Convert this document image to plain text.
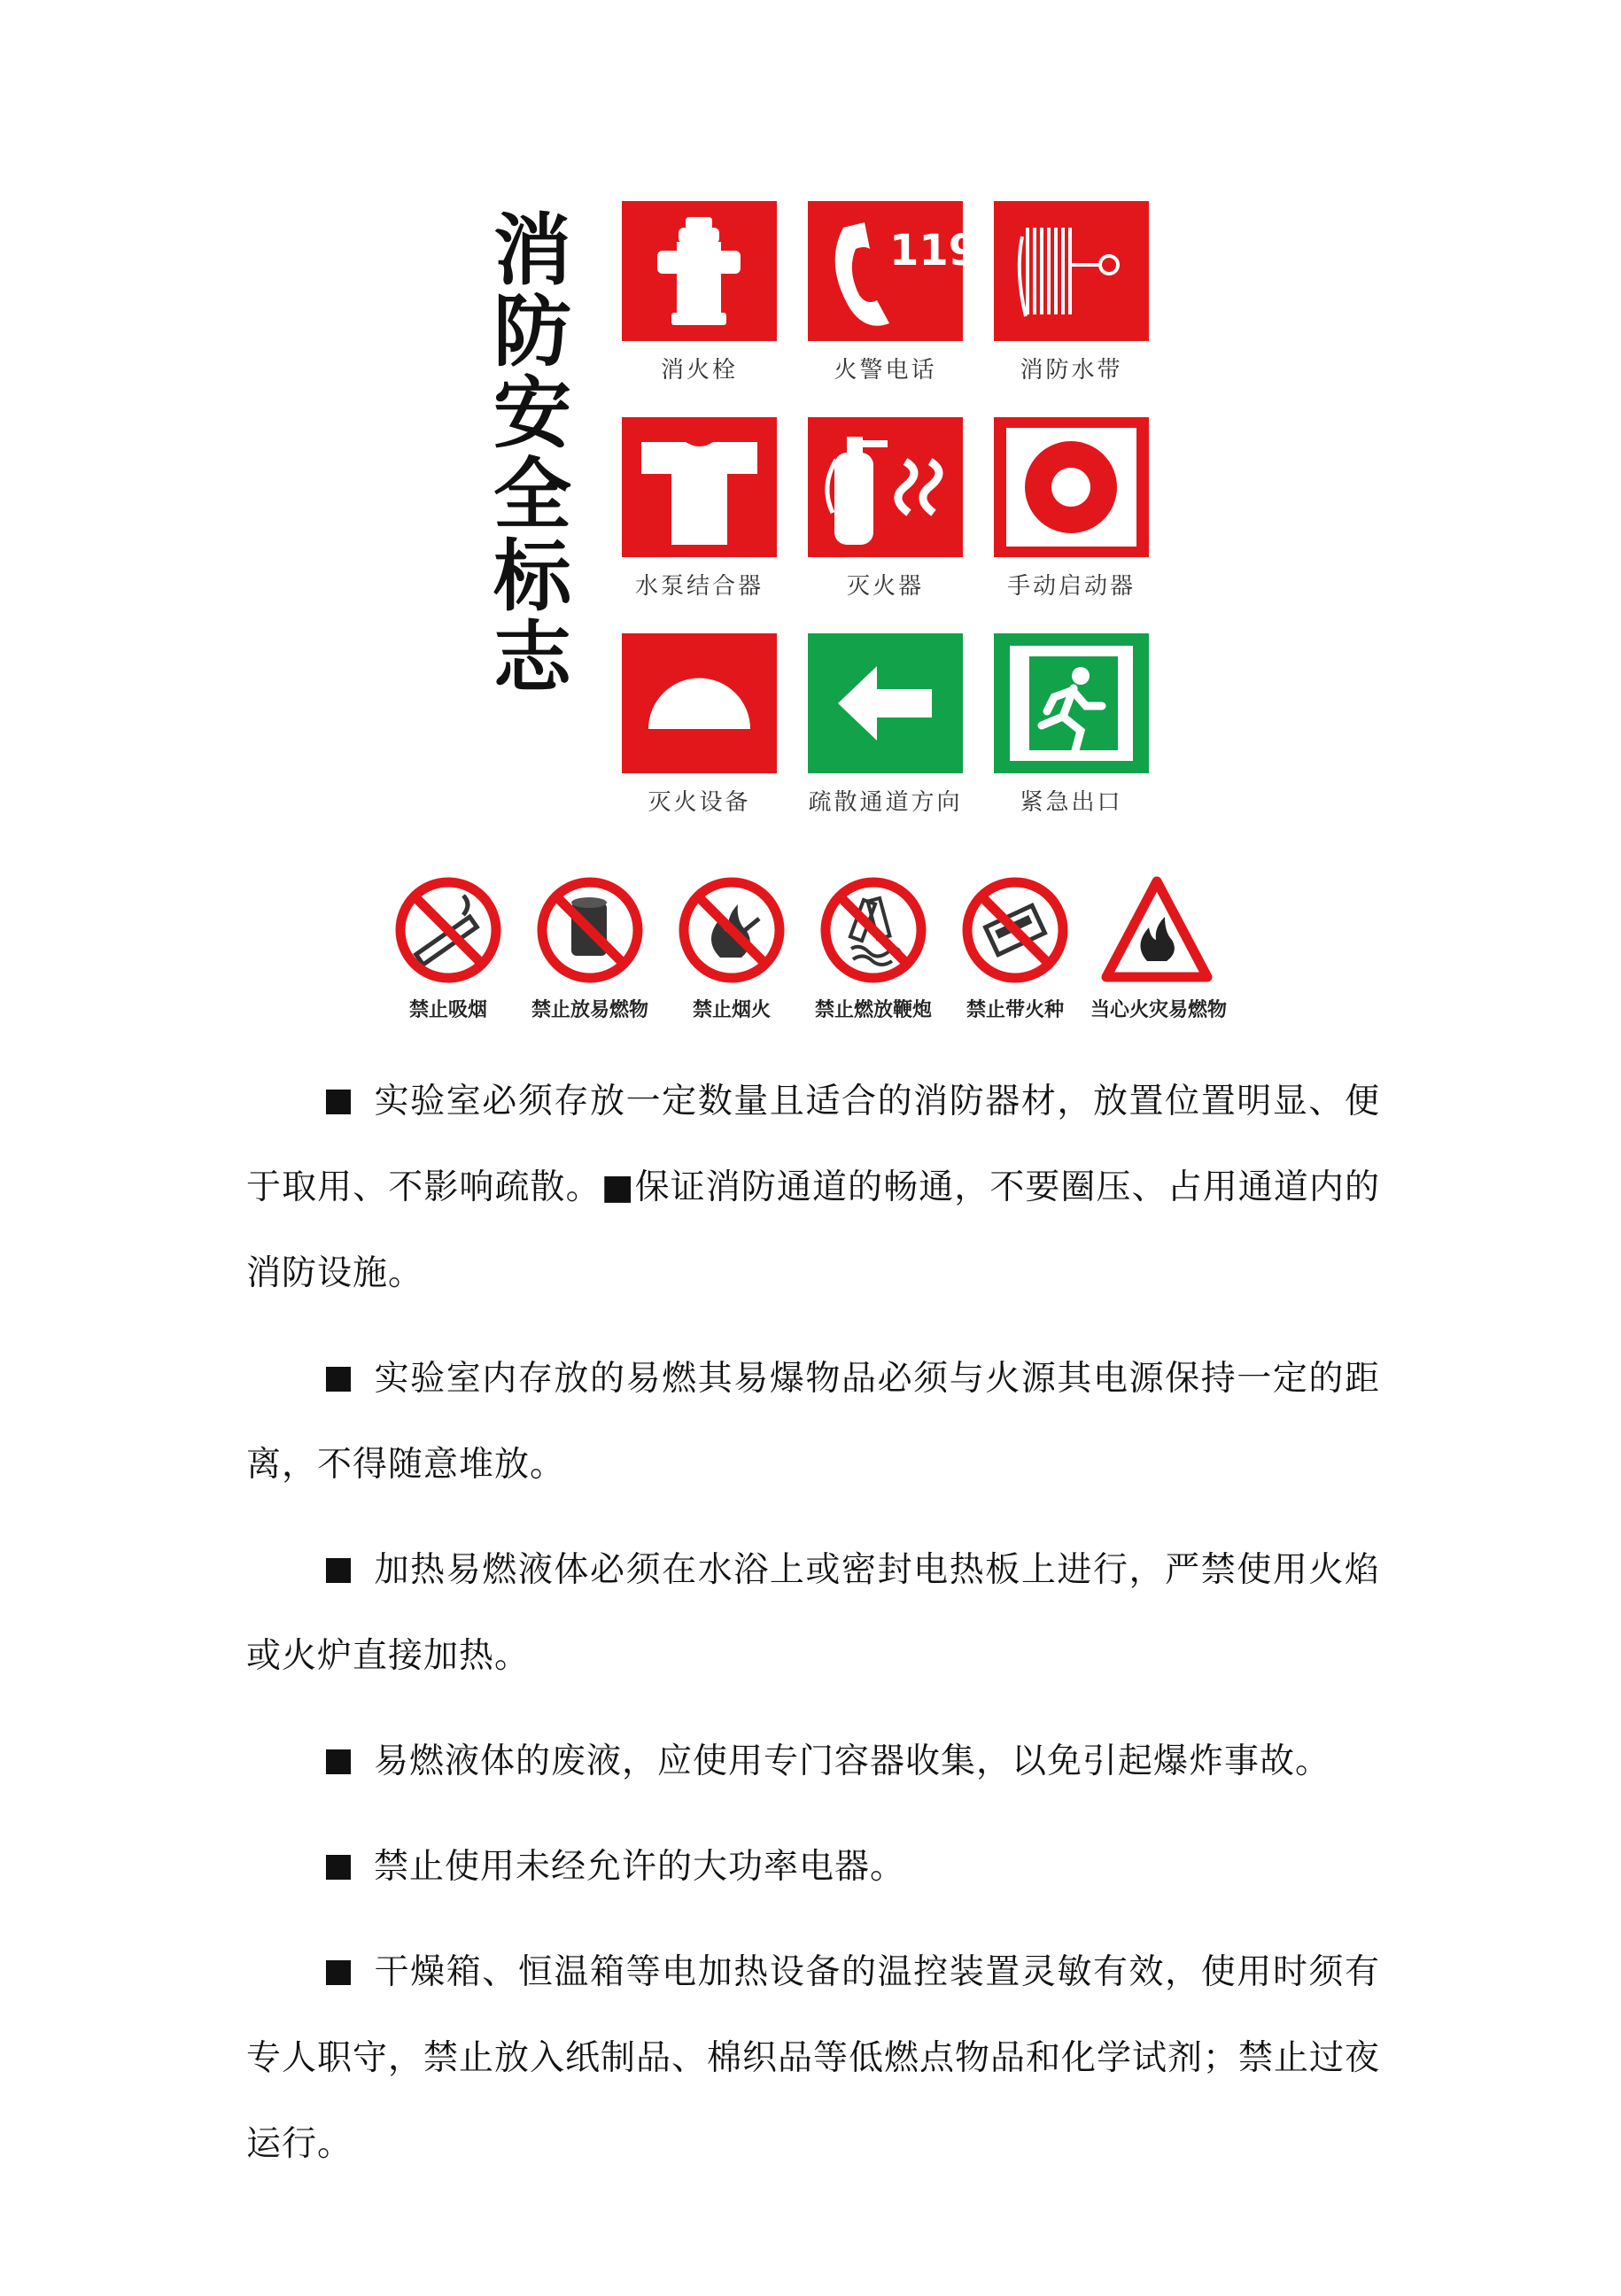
消
防
安
全
标
志
消火栓
119
火警电话	消防水带
水泵结合器	灭火器	手动启动器
灭火设备	疏散通道方向	紧急出口
禁止吸烟	禁止放易燃物	禁止烟火	禁止燃放鞭炮	禁止带火种	当心火灾易燃物

实验室必须存放一定数量且适合的消防器材，放置位置明显、便于取用、不影响疏散。■保证消防通道的畅通，不要圈压、占用通道内的消防设施。

实验室内存放的易燃其易爆物品必须与火源其电源保持一定的距离，不得随意堆放。

加热易燃液体必须在水浴上或密封电热板上进行，严禁使用火焰或火炉直接加热。

易燃液体的废液，应使用专门容器收集，以免引起爆炸事故。

禁止使用未经允许的大功率电器。

干燥箱、恒温箱等电加热设备的温控装置灵敏有效，使用时须有专人职守，禁止放入纸制品、棉织品等低燃点物品和化学试剂；禁止过夜运行。
